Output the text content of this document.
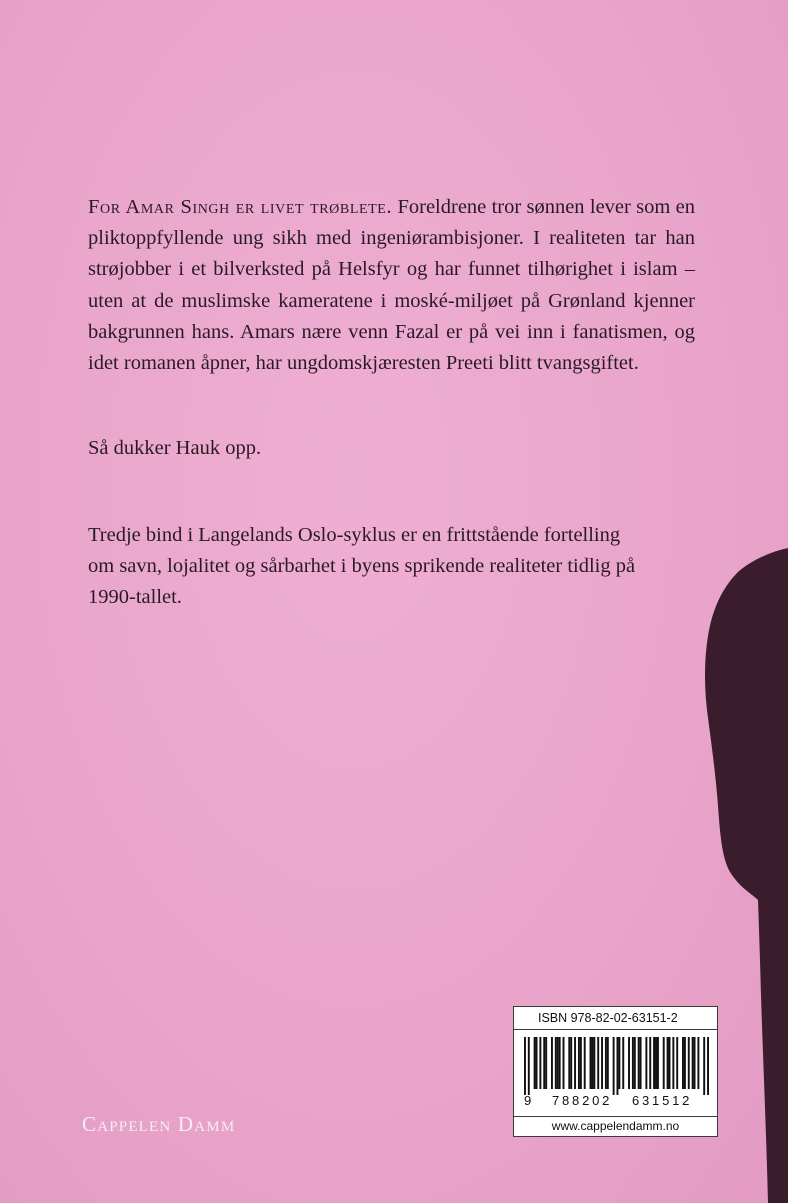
For Amar Singh er livet trøblete. Foreldrene tror sønnen lever som en pliktoppfyllende ung sikh med ingeniørambisjoner. I realiteten tar han strøjobber i et bilverksted på Helsfyr og har funnet tilhørighet i islam – uten at de muslimske kameratene i moské-miljøet på Grønland kjenner bakgrunnen hans. Amars nære venn Fazal er på vei inn i fanatismen, og idet romanen åpner, har ungdomskjæresten Preeti blitt tvangsgiftet.

Så dukker Hauk opp.

Tredje bind i Langelands Oslo-syklus er en frittstående fortelling om savn, lojalitet og sårbarhet i byens sprikende realiteter tidlig på 1990-tallet.

Cappelen Damm
ISBN 978-82-02-63151-2
9 788202 631512
www.cappelendamm.no
